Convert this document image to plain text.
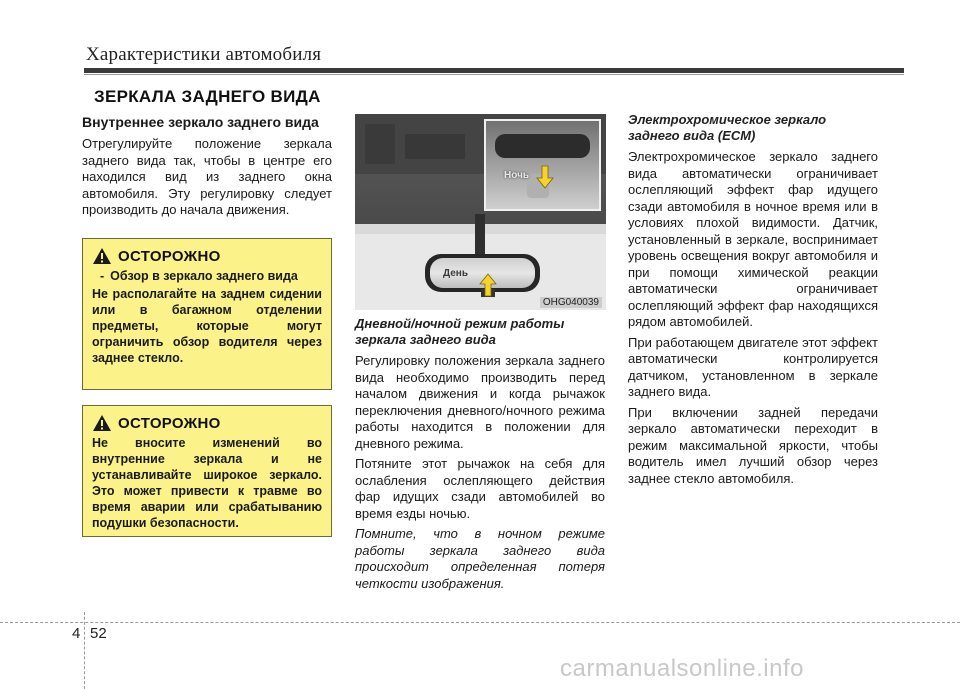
Характеристики автомобиля
ЗЕРКАЛА ЗАДНЕГО ВИДА
Внутреннее зеркало заднего вида

Отрегулируйте положение зеркала заднего вида так, чтобы в центре его находился вид из заднего окна автомобиля. Эту регулировку следует производить до начала движения.

ОСТОРОЖНО
- Обзор в зеркало заднего вида
Не располагайте на заднем сидении или в багажном отделении предметы, которые могут ограничить обзор водителя через заднее стекло.
ОСТОРОЖНО
Не вносите изменений во внутренние зеркала и не устанавливайте широкое зеркало. Это может привести к травме во время аварии или срабатыванию подушки безопасности.
Ночь
День
OHG040039
Дневной/ночной режим работы зеркала заднего вида

Регулировку положения зеркала заднего вида необходимо производить перед началом движения и когда рычажок переключения дневного/ночного режима работы находится в положении для дневного режима.

Потяните этот рычажок на себя для ослабления ослепляющего действия фар идущих сзади автомобилей во время езды ночью.

Помните, что в ночном режиме работы зеркала заднего вида происходит определенная потеря четкости изображения.

Электрохромическое зеркало заднего вида (ECM)

Электрохромическое зеркало заднего вида автоматически ограничивает ослепляющий эффект фар идущего сзади автомобиля в ночное время или в условиях плохой видимости. Датчик, установленный в зеркале, воспринимает уровень освещения вокруг автомобиля и при помощи химической реакции автоматически ограничивает ослепляющий эффект фар находящихся рядом автомобилей.

При работающем двигателе этот эффект автоматически контролируется датчиком, установленном в зеркале заднего вида.

При включении задней передачи зеркало автоматически переходит в режим максимальной яркости, чтобы водитель имел лучший обзор через заднее стекло автомобиля.

4 52
carmanualsonline.info
